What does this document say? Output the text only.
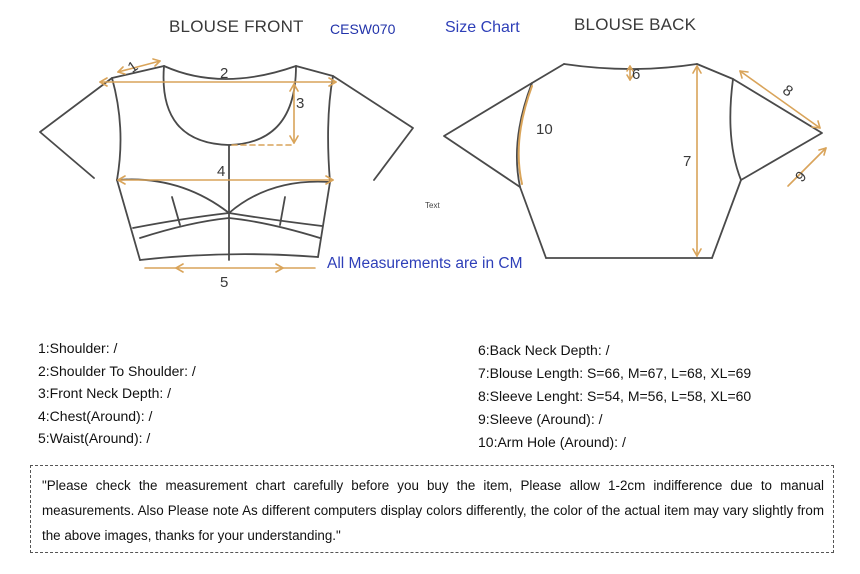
BLOUSE FRONT CESW070	Size Chart	BLOUSE BACK
1	2
3
4
5
6
7
8
9
10
Text
All Measurements are in CM
1:Shoulder: /
2:Shoulder To Shoulder: /
3:Front Neck Depth: /
4:Chest(Around): /
5:Waist(Around): /
6:Back Neck Depth: /
7:Blouse Length: S=66, M=67, L=68, XL=69
8:Sleeve Lenght: S=54, M=56, L=58, XL=60
9:Sleeve (Around): /
10:Arm Hole (Around): /
"Please check the measurement chart carefully before you buy the item, Please allow 1-2cm indifference due to manual measurements. Also Please note As different computers display colors differently, the color of the actual item may vary slightly from the above images, thanks for your understanding."
